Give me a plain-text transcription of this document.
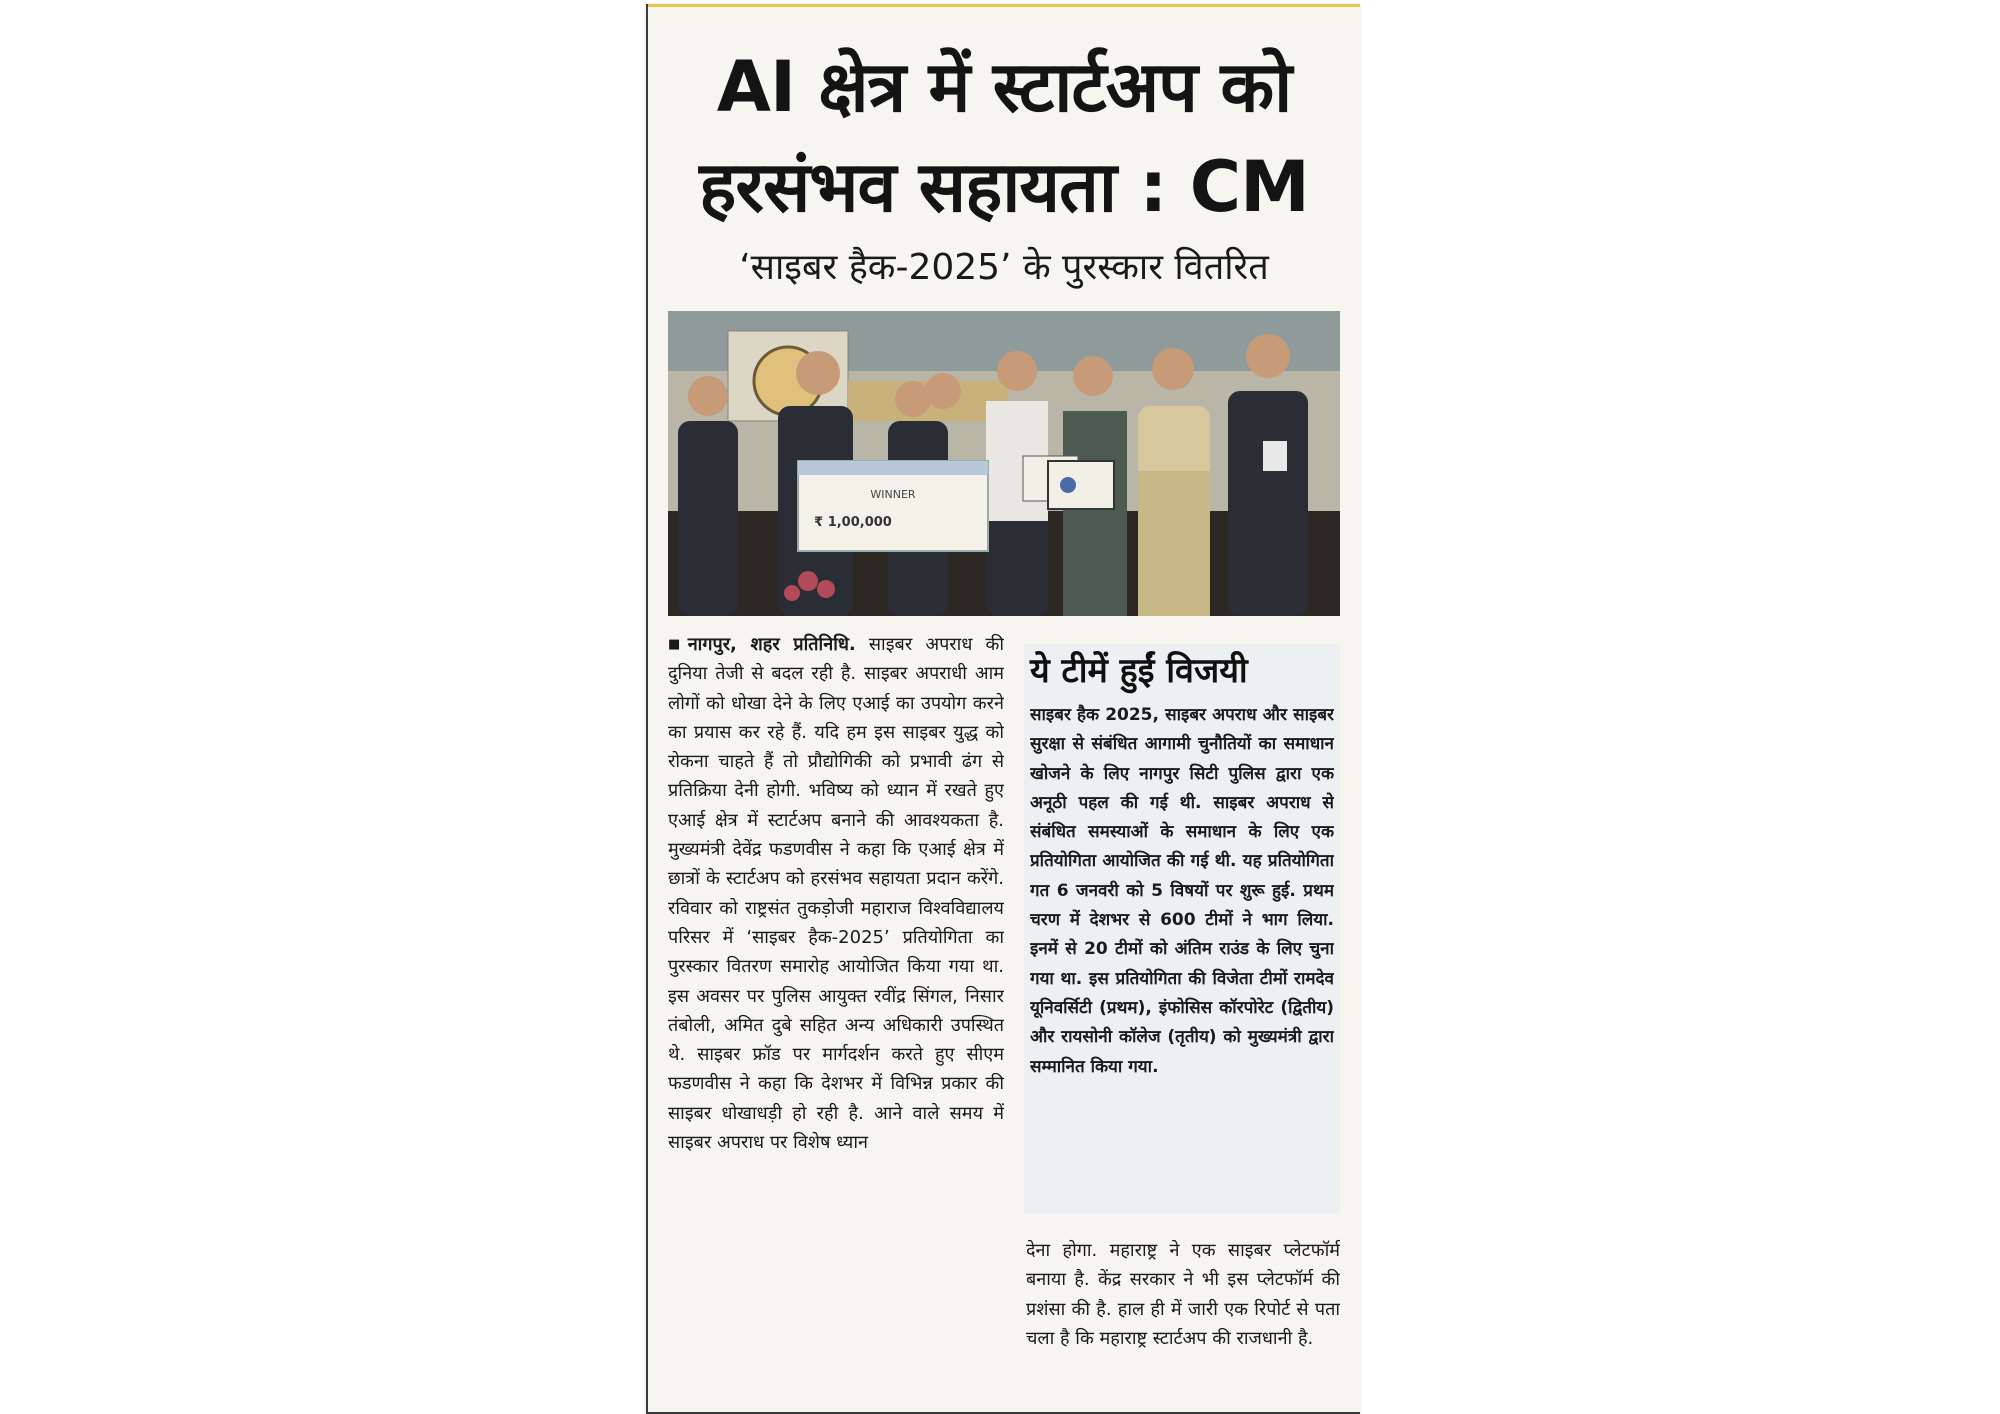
AI क्षेत्र में स्टार्टअप को
हरसंभव सहायता : CM
‘साइबर हैक-2025’ के पुरस्कार वितरित
WINNER
₹ 1,00,000
■नागपुर, शहर प्रतिनिधि. साइबर अपराध की दुनिया तेजी से बदल रही है. साइबर अपराधी आम लोगों को धोखा देने के लिए एआई का उपयोग करने का प्रयास कर रहे हैं. यदि हम इस साइबर युद्ध को रोकना चाहते हैं तो प्रौद्योगिकी को प्रभावी ढंग से प्रतिक्रिया देनी होगी. भविष्य को ध्यान में रखते हुए एआई क्षेत्र में स्टार्टअप बनाने की आवश्यकता है. मुख्यमंत्री देवेंद्र फडणवीस ने कहा कि एआई क्षेत्र में छात्रों के स्टार्टअप को हरसंभव सहायता प्रदान करेंगे. रविवार को राष्ट्रसंत तुकड़ोजी महाराज विश्वविद्यालय परिसर में ‘साइबर हैक-2025’ प्रतियोगिता का पुरस्कार वितरण समारोह आयोजित किया गया था. इस अवसर पर पुलिस आयुक्त रवींद्र सिंगल, निसार तंबोली, अमित दुबे सहित अन्य अधिकारी उपस्थित थे. साइबर फ्रॉड पर मार्गदर्शन करते हुए सीएम फडणवीस ने कहा कि देशभर में विभिन्न प्रकार की साइबर धोखाधड़ी हो रही है. आने वाले समय में साइबर अपराध पर विशेष ध्यान
ये टीमें हुईं विजयी
साइबर हैक 2025, साइबर अपराध और साइबर सुरक्षा से संबंधित आगामी चुनौतियों का समाधान खोजने के लिए नागपुर सिटी पुलिस द्वारा एक अनूठी पहल की गई थी. साइबर अपराध से संबंधित समस्याओं के समाधान के लिए एक प्रतियोगिता आयोजित की गई थी. यह प्रतियोगिता गत 6 जनवरी को 5 विषयों पर शुरू हुई. प्रथम चरण में देशभर से 600 टीमों ने भाग लिया. इनमें से 20 टीमों को अंतिम राउंड के लिए चुना गया था. इस प्रतियोगिता की विजेता टीमों रामदेव यूनिवर्सिटी (प्रथम), इंफोसिस कॉरपोरेट (द्वितीय) और रायसोनी कॉलेज (तृतीय) को मुख्यमंत्री द्वारा सम्मानित किया गया.
देना होगा. महाराष्ट्र ने एक साइबर प्लेटफॉर्म बनाया है. केंद्र सरकार ने भी इस प्लेटफॉर्म की प्रशंसा की है. हाल ही में जारी एक रिपोर्ट से पता चला है कि महाराष्ट्र स्टार्टअप की राजधानी है.
